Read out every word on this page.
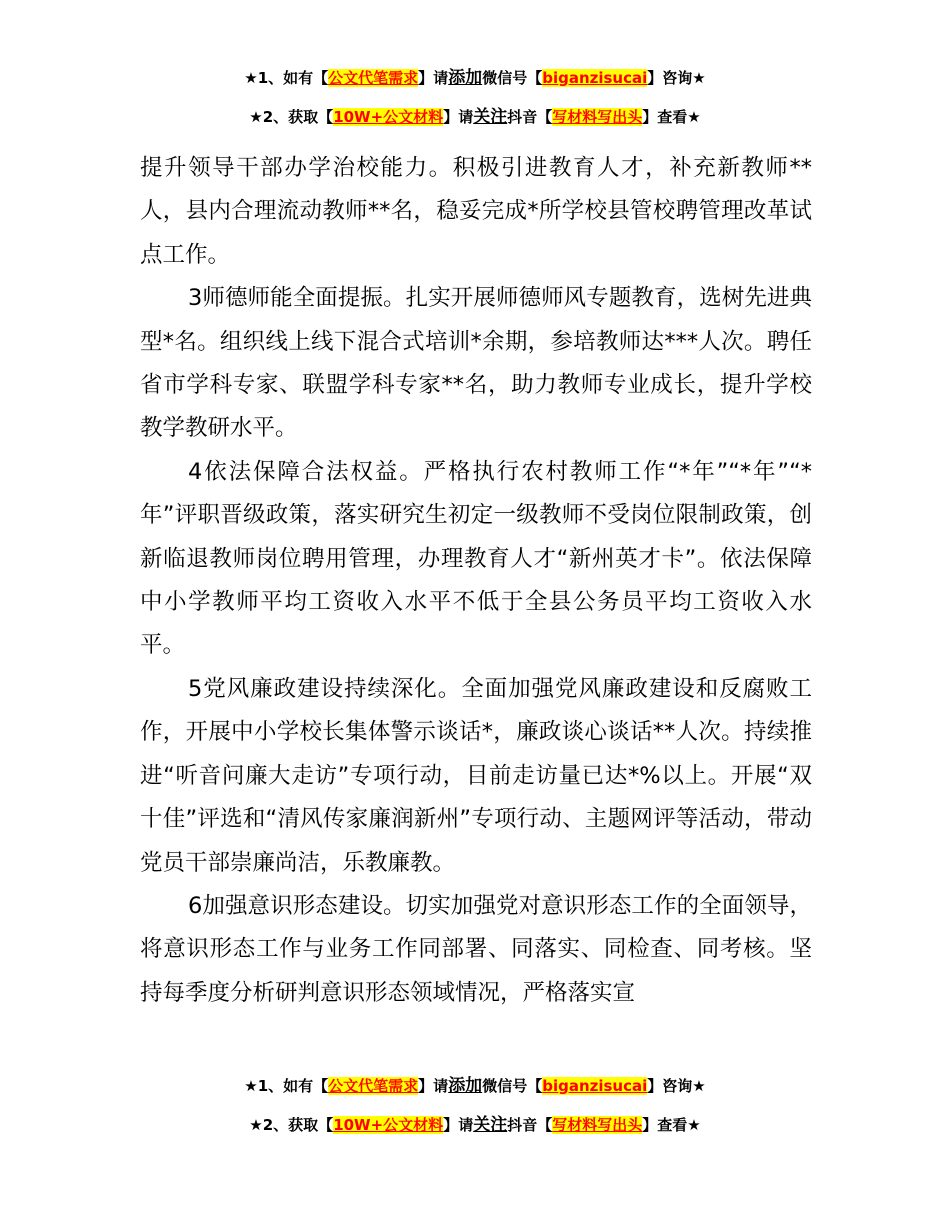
★1、如有【公文代笔需求】请添加微信号【biganzisucai】咨询★
★2、获取【10W+公文材料】请关注抖音【写材料写出头】查看★

提升领导干部办学治校能力。积极引进教育人才，补充新教师**人，县内合理流动教师**名，稳妥完成*所学校县管校聘管理改革试点工作。

3师德师能全面提振。扎实开展师德师风专题教育，选树先进典型*名。组织线上线下混合式培训*余期，参培教师达***人次。聘任省市学科专家、联盟学科专家**名，助力教师专业成长，提升学校教学教研水平。

4依法保障合法权益。严格执行农村教师工作“*年”“*年”“*年”评职晋级政策，落实研究生初定一级教师不受岗位限制政策，创新临退教师岗位聘用管理，办理教育人才“新州英才卡”。依法保障中小学教师平均工资收入水平不低于全县公务员平均工资收入水平。

5党风廉政建设持续深化。全面加强党风廉政建设和反腐败工作，开展中小学校长集体警示谈话*，廉政谈心谈话**人次。持续推进“听音问廉大走访”专项行动，目前走访量已达*%以上。开展“双十佳”评选和“清风传家廉润新州”专项行动、主题网评等活动，带动党员干部崇廉尚洁，乐教廉教。

6加强意识形态建设。切实加强党对意识形态工作的全面领导，将意识形态工作与业务工作同部署、同落实、同检查、同考核。坚持每季度分析研判意识形态领域情况，严格落实宣

★1、如有【公文代笔需求】请添加微信号【biganzisucai】咨询★
★2、获取【10W+公文材料】请关注抖音【写材料写出头】查看★
